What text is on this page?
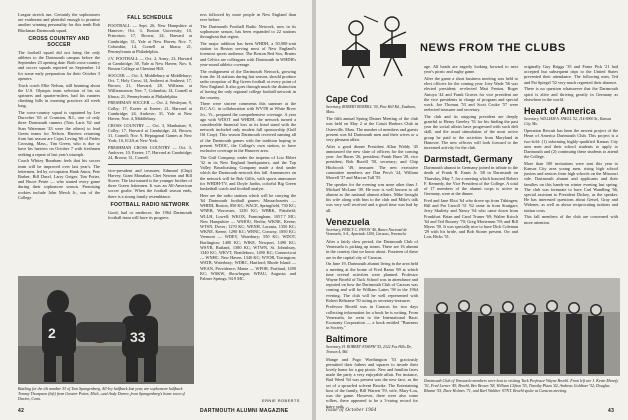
League stretch run. Certainly the sophomores are exuberant and plentiful enough to promise another winning personality for this tenth Bob Blackman Dartmouth squad.

CROSS COUNTRY AND SOCCER

The football squad did not bring the only athletes to the Dartmouth campus before the September 23 opening date. Both cross-country and soccer squads reported on September 14 for some early preparation for their October 3 openers.

Track coach Ellie Nelson, still beaming about the U.S. Olympic team selection of his six sprinters and quarter-milers, had his runners climbing hills in morning practices all week long.

The cross-country squad is captained by Lee Durocher '65 of Cranston, R.I., one of only three Dartmouth runners (Tom Laris '62 and Stan Waterman '43 were the others) to lead Green teams for Nelson. Harriers returning from last season are Cajus Leving '66 of Prides Crossing, Mass., Tim Green, who is due to have his harriers on October 7 with freshmen seeking a repeat of last year's triumph.

Coach Whitey Burnham feels that his soccer team will be improved over last year's. The lettermen, led by co-captains Hank Amos, Pete Barber, Bill Durel, Larry Geiger, Tim Potter, and Bruce Petrie — who started every game during their sophomore season. Promising rookies include John Merck Jr., son of the College

FALL SCHEDULE

FOOTBALL — Sept. 26, New Hampshire at Hanover; Oct. 3, Boston University; 10, Princeton; 17, Brown; 24, Harvard at Cambridge; 31, Yale at New Haven; Nov. 7, Columbia; 14, Cornell at Ithaca; 21, Pennsylvania at Philadelphia.

J.V. FOOTBALL — Oct. 2, Army; 23, Harvard at Cambridge; 30, Yale at New Haven; Nov. 6, Boston College at Chestnut Hill.

SOCCER — Oct. 3, Middlebury at Middlebury; Oct. 7, Holy Cross; 14, Amherst at Amherst; 17, Brown; 21, Harvard; 28, Williams at Williamstown; Nov. 7, Columbia; 14, Cornell at Ithaca; 21, Pennsylvania at Philadelphia.

FRESHMAN SOCCER — Oct. 2, Wesleyan; 9, Colby; 17, Exeter at Exeter; 21, Harvard at Cambridge; 24, Andover; 31, Yale at New Haven; Nov. 4, Middlebury.

CROSS COUNTRY — Oct. 3, Manhattan; 9, Colby; 17, Harvard at Cambridge; 24, Brown; 31, Cornell; Nov. 9, Heptagonal Games at New York; 16, IC4A at New York.

FRESHMAN CROSS COUNTRY — Oct. 3, Andover; 10, Exeter; 17, Harvard at Cambridge; 24, Brown; 31, Cornell.

vice-president and treasurer, Edmund (Chip) Harvey, Grant Monahan, Chet Newton and Bill Stover. The last-named is the younger brother of three Green lettermen. It was an All-American soccer goalie. When the football season ends, there is a strong family resemblance.

FOOTBALL RADIO NETWORK

Good, bad or mediocre, the 1964 Dartmouth football team will have its progress

ress followed by more people in New England than ever before.

The Dartmouth Football Radio Network, now in its sophomore season, has been expanded to 22 stations throughout that region.

The major addition has been WHDH, a 50,000-watt station in Boston serving most of New England's foremost sports audience. The Boston Red Sox, Bruins and Celtics are colleagues with Dartmouth in WHDH's year-round athletic coverage.

The realignment of the Dartmouth Network, growing from the 14 stations during last season, should produce radio reception of Big Green football at every point of New England. It also goes through much the distinction of having the only regional college football network in the country.

There were sincere comments this summer at the D.C.A.C. in collaboration with WVTR in White River Jct., Vt., prepared the comprehensive coverage. A year ago with WDOT and WHDH, the network turned a considerable financial loss as its bond stand with the network included only modest full sponsorship (Gulf Oil Corp). This season Dartmouth received naming all of the Dartmouth games with the tradition hoping to present WDOC, the College's own station, to have exclusive coverage in the Hanover area.

The Gulf Company, under the impetus of Lou Ehlert '32 in its New England headquarters, and the Top Valley Broadcasting Company made a deal under which the Dartmouth network this fall. Announcers on the network will be Bob Gillis, with sports announcer for WHDH-TV, and Doyle Jardin, colorful Big Green basketball coach and football analyst.

Here are the radio stations which will be carrying the '64 Dartmouth football games: Massachusetts — WHDH, Boston, 850 KC; WACE, Springfield, 730 KC; WNEB, Worcester, 1230 KC; WBRK, Pittsfield; WLLH, Lowell; WKOX, Framingham, 1057.7 MC; New Hampshire — WMOU, Berlin; WKNE, Keene; WTSN, Dover; 1270 KC; WENH, Laconia, 1350 KC; WKNE, Keene, 1290 KC; WBNC, Conway, 1050 KC; Vermont — WDEV, Waterbury; 550 KC; WDOT, Burlington; 1400 KC; WIKE, Newport, 1490 KC; WSYB, Rutland, 1380 KC; WTWN, St. Johnsbury, 1340 KC; WKVT, Brattleboro, 1490 KC; Connecticut — WNHC, New Haven, 1340 KC; WTOR, Torrington; WATR, Waterbury; WDRC, Hartford; Rhode Island — WEAN, Providence; Maine — WPOR, Portland, 1490 KC; WSKW, Skowhegan; WFAU, Augusta; and Palmer Springs, 94.9 MC.

ERNIE ROBERTS
2	33
Battling for the tilt number 33 of Tom Spangenberg, All-Ivy halfback last year, are sophomore halfback Tommy Thompson (left) from Greater Potter, Mich., and Andy Durrer, from Spangenberg's home town of Darien, Conn.
42	DARTMOUTH ALUMNI MAGAZINE
NEWS FROM THE CLUBS
Cape Cod
Secretary, ROBERT BURRILL '50, Pine Hill Rd., Eastham, Mass.

The fifth annual Spring Dinner Meeting of the club was held on May 2 at the Cotuit Harbors Club in Osterville, Mass. The number of members and guests present was 64 Dartmouth men and their wives or a very pleasant affair.

After a good dinner President Allan Widdy '45 announced the new slate of officers for the coming year: Joe Burns '26, president; Frank Burn '28, vice president; Bob Burrill '50, secretary; and Chip Hitchcock '49, treasurer. The new executive committee members are Dan Perch '24, William Morrell '37 and Marcus Tall '55.

The speaker for the evening was none other than J. Michael McLane '49. He now is well known to all alumni as the national alumni affairs. Mike brought his wife along with him to the club and Mike's talk was very well received and a good time was had by all.

Venezuela
Secretary, PERCY C. FAYON '46, Banco Nacional de Venezuela, S.A., Apartado 1200, Caracas, Venezuela

After a fairly slow period, the Dartmouth Club of Venezuela is picking up steam. There are 16 alumni in the country that we know about. Fourteen of these are in the capital city of Caracas.

On June 19, Dartmouth alumni living in the area held a meeting at the home of Fred Ramo '69 at which time several activities were planned. Professor Wayne Broehl of Tuck School was in attendance and reported on how the Dartmouth Club of Caracas was coming and will be William Lattes '58 in the 1964 evening. The club will be well represented with Robert Beltrame '50 acting as secretary-treasurer.

Professor Broehl was in Caracas for two days collecting information for a book he is writing. From Venezuela, he went to the International Basic Economy Corporation — a book entitled "Business in Society."

Baltimore
Secretary, H. ROBERT JOSEPH '55, 2322 Fox Hills Dr., Towson 4, Md.

Mange and Pogo Worthington '53 graciously permitted their fathers and squares to invade their lovely home for a gay picnic. New and familiar faces made the party a very enjoyable affair. For instance, Bud Weed '64 was present was the new face, as the set of a sprawled solvent Brooke. The Entertaining host of the family, Bill Warren '59, wife, Mary-Lou, was the game. However, there were also some rollers, there appeared to be a 3-string record for hairy spilt

age. All heads are eagerly looking forward to next year's picnic and rugby game.

After the game a short business meeting was held to elect officers for the coming year: Joey Wade '56 was elected president; re-elected Matt Fenton, Roger Antoya '44 and Frank Graves for vice president are the vice presidents in charge of program and special work. Joe Thomas '53 and Scott Cooke '57 were reelected treasurer and secretary.

The club and its outgoing president are deeply grateful to Henry Greeley '51 for his finding the past year the social affairs have progressed with such deft skill, and the usual stimulation of the most active group he paid to the activities from Maryland in Hanover. The new officers will look forward to the increased activity for the club.

Darmstadt, Germany

Dartmouth alumni in Germany joined in tribute to the death of Frank B. Ennis Jr. '48 in Darmstadt on Thursday, May 7, for a meeting which honored Robert F. Kennedy, the Vice President of the College. A total of 17 members of the alumni corps is active in Germany, were at the dinner.

Fred and Jane Eliot '64 who drove up from Tübingen; Bill and Pat Carroll '31 '62 came in from Stuttgart; Jerry Skultety and Nancy '64 who came down from Frankfurt. Brian and Carol Truner '69; Walter Krisch '64 and Ted Rooney '70; Greg Mortensen '59; and Bill Myers '50. It was specially nice to have Dick Coleman '29 with his bride, and Bob Stoner present. Orr and Lois Hicks '51.

originally Guy Briggs '35 and Franz Pick '21 had accepted but subsequent trips to the United States prevented their attendance. The following men, Ted and Pat Spiegel '52 very much regretted their absence.

There is no question whatsoever that the Dartmouth spirit is alive and thriving greatly in Germany as elsewhere in the world.

Heart of America
Secretary, WILLIAM A. SNELL '52, 114-6900 St., Kansas City, Mo.

Operation Recruit has been the newest project of the Heart of America Dartmouth Club. This project is a two-fold: (1) informing highly-qualified Kansas City area men and their school students to apply to Dartmouth and (2) continuing these students to attend the College.

More than 100 invitations were sent this year to Kansas City area young men, rising high school juniors and seniors from high schools on the Missouri side. Dartmouth alumni and applicants and their families on this hands-on winter evening last spring. The club was fortunate to have Carl Wandling '66, special assistant to President Dickey, as the speaker. He has interested questions about Geisel, Gray and Widener, as well as about reciprocating tuitions and tuition costs.

This fall members of the club are concerned with more attention.

Dartmouth Club of Venezuela members were host to visiting Tuck Professor Wayne Broehl. From left are J. Kevin Menefy '51, Fred Lerner '49, Broehl, Bev Brown '58, William Clifton '55, Timothy Plaza '42, Andreas Goldtner '52, Douglas Rhamn '55, Dave Holmes '71, and Karl Walther '67NT. Broehl spoke at Caracas meeting.
Issue of October 1964	43
